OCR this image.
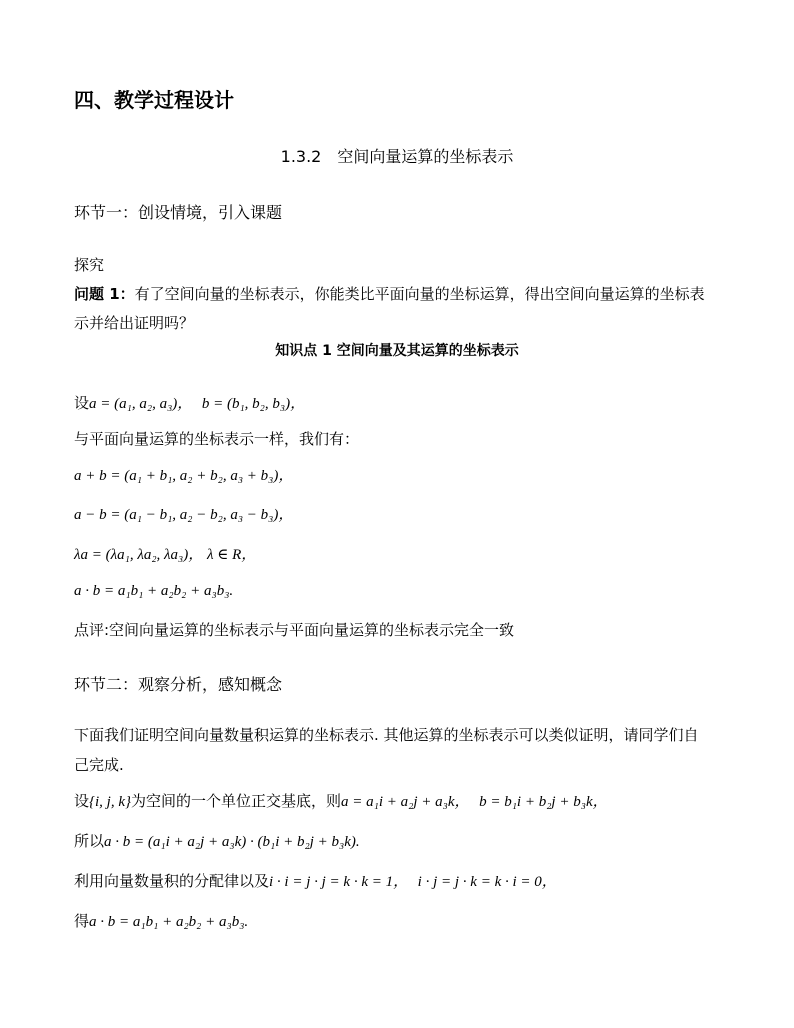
四、教学过程设计
1.3.2　空间向量运算的坐标表示
环节一：创设情境，引入课题
探究
问题 1：有了空间向量的坐标表示，你能类比平面向量的坐标运算，得出空间向量运算的坐标表
示并给出证明吗？
知识点 1 空间向量及其运算的坐标表示
设a = (a₁, a₂, a₃)， b = (b₁, b₂, b₃)，
与平面向量运算的坐标表示一样，我们有：
a + b = (a₁ + b₁, a₂ + b₂, a₃ + b₃)，
a − b = (a₁ − b₁, a₂ − b₂, a₃ − b₃)，
λa = (λa₁, λa₂, λa₃)， λ ∈ R，
a · b = a₁b₁ + a₂b₂ + a₃b₃.
点评:空间向量运算的坐标表示与平面向量运算的坐标表示完全一致
环节二：观察分析，感知概念
下面我们证明空间向量数量积运算的坐标表示. 其他运算的坐标表示可以类似证明，请同学们自
己完成.
设{i, j, k}为空间的一个单位正交基底，则a = a₁i + a₂j + a₃k， b = b₁i + b₂j + b₃k，
所以a · b = (a₁i + a₂j + a₃k) · (b₁i + b₂j + b₃k).
利用向量数量积的分配律以及i · i = j · j = k · k = 1， i · j = j · k = k · i = 0，
得a · b = a₁b₁ + a₂b₂ + a₃b₃.
